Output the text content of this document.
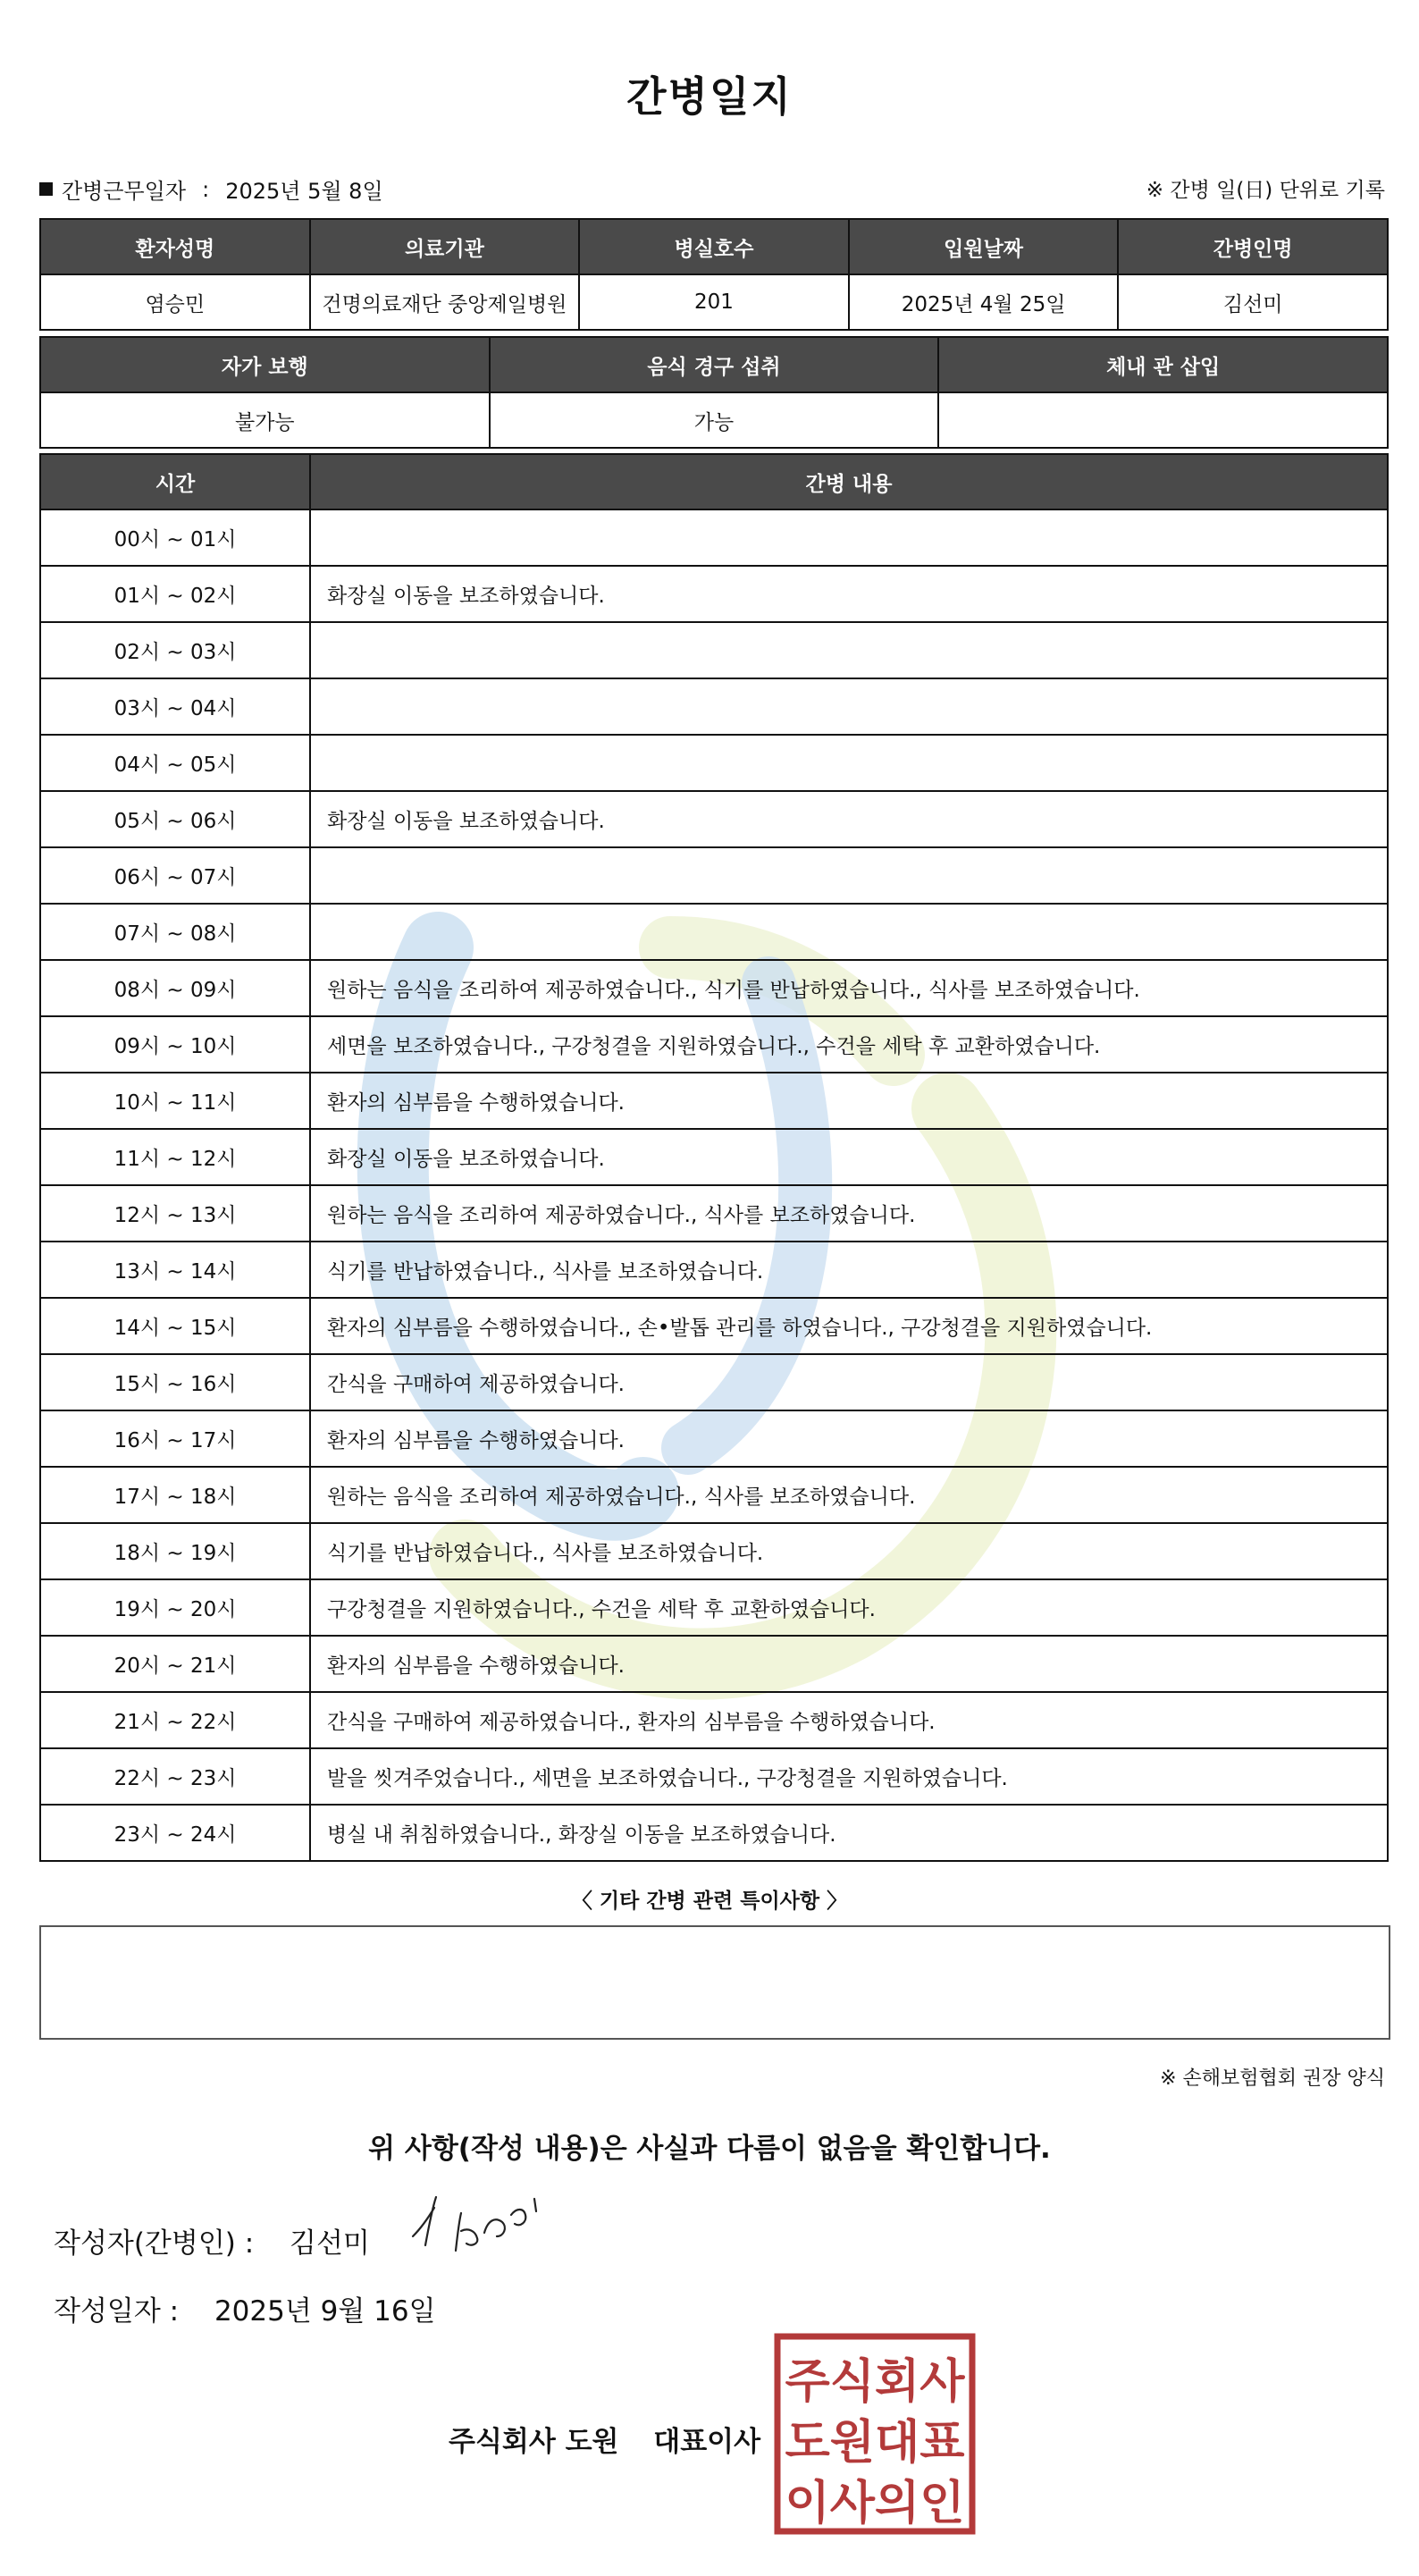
간병일지
간병근무일자 : 2025년 5월 8일	※ 간병 일(日) 단위로 기록
환자성명	의료기관	병실호수	입원날짜	간병인명
염승민	건명의료재단 중앙제일병원	201	2025년 4월 25일	김선미
자가 보행	음식 경구 섭취	체내 관 삽입
불가능	가능	
시간	간병 내용
00시 ~ 01시	
01시 ~ 02시	화장실 이동을 보조하였습니다.
02시 ~ 03시	
03시 ~ 04시	
04시 ~ 05시	
05시 ~ 06시	화장실 이동을 보조하였습니다.
06시 ~ 07시	
07시 ~ 08시	
08시 ~ 09시	원하는 음식을 조리하여 제공하였습니다., 식기를 반납하였습니다., 식사를 보조하였습니다.
09시 ~ 10시	세면을 보조하였습니다., 구강청결을 지원하였습니다., 수건을 세탁 후 교환하였습니다.
10시 ~ 11시	환자의 심부름을 수행하였습니다.
11시 ~ 12시	화장실 이동을 보조하였습니다.
12시 ~ 13시	원하는 음식을 조리하여 제공하였습니다., 식사를 보조하였습니다.
13시 ~ 14시	식기를 반납하였습니다., 식사를 보조하였습니다.
14시 ~ 15시	환자의 심부름을 수행하였습니다., 손•발톱 관리를 하였습니다., 구강청결을 지원하였습니다.
15시 ~ 16시	간식을 구매하여 제공하였습니다.
16시 ~ 17시	환자의 심부름을 수행하였습니다.
17시 ~ 18시	원하는 음식을 조리하여 제공하였습니다., 식사를 보조하였습니다.
18시 ~ 19시	식기를 반납하였습니다., 식사를 보조하였습니다.
19시 ~ 20시	구강청결을 지원하였습니다., 수건을 세탁 후 교환하였습니다.
20시 ~ 21시	환자의 심부름을 수행하였습니다.
21시 ~ 22시	간식을 구매하여 제공하였습니다., 환자의 심부름을 수행하였습니다.
22시 ~ 23시	발을 씻겨주었습니다., 세면을 보조하였습니다., 구강청결을 지원하였습니다.
23시 ~ 24시	병실 내 취침하였습니다., 화장실 이동을 보조하였습니다.
〈 기타 간병 관련 특이사항 〉
※ 손해보험협회 권장 양식
위 사항(작성 내용)은 사실과 다름이 없음을 확인합니다.
작성자(간병인) : 김선미
작성일자 : 2025년 9월 16일
주식회사 도원 대표이사
주식회사
도원대표
이사의인
